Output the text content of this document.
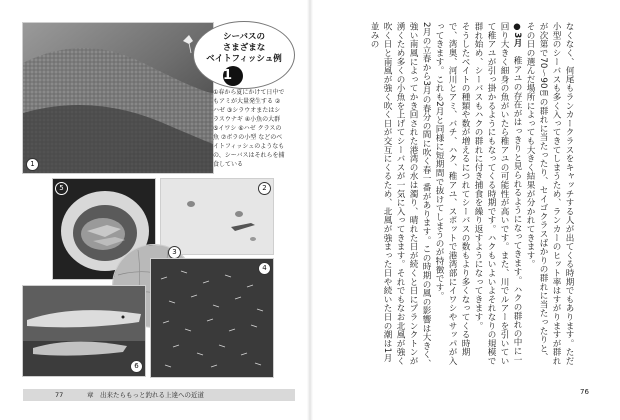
1
シーバスの
さまざまな
ベイトフィッシュ例
1
①春から夏にかけて日中でもアミが大量発生する ②ハゼ ③シラウオまたはシラスウナギ ④小魚の大群 ⑤イワシ ⑥ハゼ クラスの魚 ⑦ボラの小型 などのベイトフィッシュのようなもの、シーバスはそれらを捕食している
5	2
3
4
6

なくなく、何尾もランカークラスをキャッチする人が出てくる時期でもあります。ただ小型のシーバスも多く入ってきてしまうため、ランカーのヒット率はすがりますが群れが次第で70〜90㎝の群れに当たったり、セイゴクラスばかりの群れに当たったりと、その日の選んだ場所によっても大きく結果が分かれてきます。

●3月　稚アユの存在がはっきりと見られるようになってきます。ハクの群れの中に一回り大きく細身の魚がいたら稚アユの可能性が高いです。また、川でルアーを引いていて稚アユが引っ掛かるようにもなってくる時期です。ハクもいよいよそれなりの規模で群れ始め、シーバスもハクの群れに付き捕食を繰り返すようになってきます。

そうしたベイトの種類や数が増えるにつれてシーバスの数もより多くなってくる時期で、湾奥、河川とアミ、バチ、ハク、稚アユ、スポットで港湾部にイワシやサッパが入ってきます。これも2月と同様に短期間で抜けてしまうのが特徴です。

2月の立春から3月の春分の間に吹く春一番があります。この時期の風の影響は大きく、強い南風によってかき回された港湾の水は濁り、晴れた日が続くと日にプランクトンが湧くため多くの小魚を上げてシーバスが一気に入ってきます。それでもなお北風が強く吹く日と南風が強く吹く日が交互にくるため、北風が強まった日や続いた日の潮は1月並みの

77	章　 出来たらもっと釣れる上達への近道	76
